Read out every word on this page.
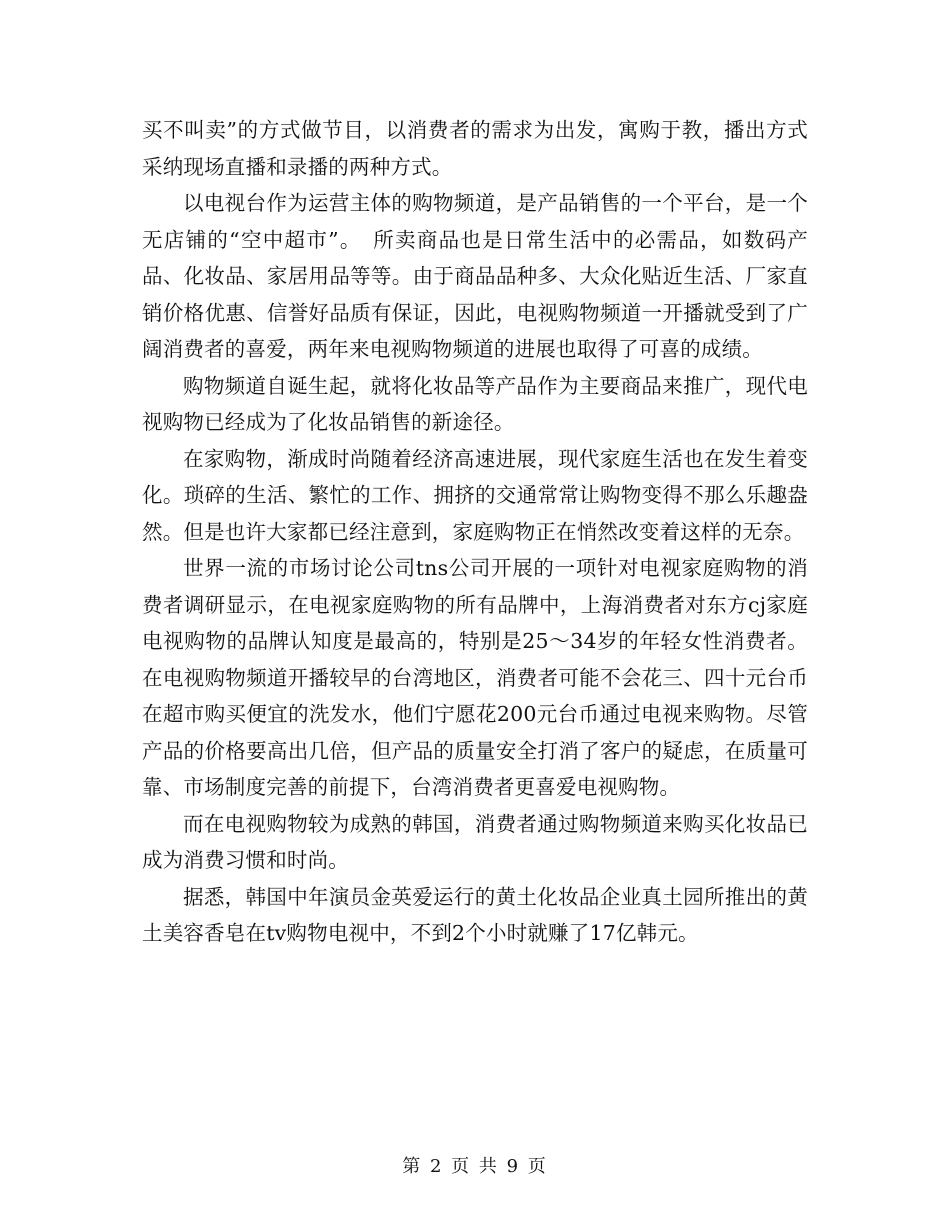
买不叫卖”的方式做节目，以消费者的需求为出发，寓购于教，播出方式采纳现场直播和录播的两种方式。

以电视台作为运营主体的购物频道，是产品销售的一个平台，是一个无店铺的“空中超市”。　所卖商品也是日常生活中的必需品，如数码产品、化妆品、家居用品等等。由于商品品种多、大众化贴近生活、厂家直销价格优惠、信誉好品质有保证，因此，电视购物频道一开播就受到了广阔消费者的喜爱，两年来电视购物频道的进展也取得了可喜的成绩。

购物频道自诞生起，就将化妆品等产品作为主要商品来推广，现代电视购物已经成为了化妆品销售的新途径。

在家购物，渐成时尚随着经济高速进展，现代家庭生活也在发生着变化。琐碎的生活、繁忙的工作、拥挤的交通常常让购物变得不那么乐趣盎然。但是也许大家都已经注意到，家庭购物正在悄然改变着这样的无奈。

世界一流的市场讨论公司tns公司开展的一项针对电视家庭购物的消费者调研显示，在电视家庭购物的所有品牌中，上海消费者对东方cj家庭电视购物的品牌认知度是最高的，特别是25～34岁的年轻女性消费者。在电视购物频道开播较早的台湾地区，消费者可能不会花三、四十元台币在超市购买便宜的洗发水，他们宁愿花200元台币通过电视来购物。尽管产品的价格要高出几倍，但产品的质量安全打消了客户的疑虑，在质量可靠、市场制度完善的前提下，台湾消费者更喜爱电视购物。

而在电视购物较为成熟的韩国，消费者通过购物频道来购买化妆品已成为消费习惯和时尚。

据悉，韩国中年演员金英爱运行的黄土化妆品企业真土园所推出的黄土美容香皂在tv购物电视中，不到2个小时就赚了17亿韩元。

第 2 页 共 9 页
